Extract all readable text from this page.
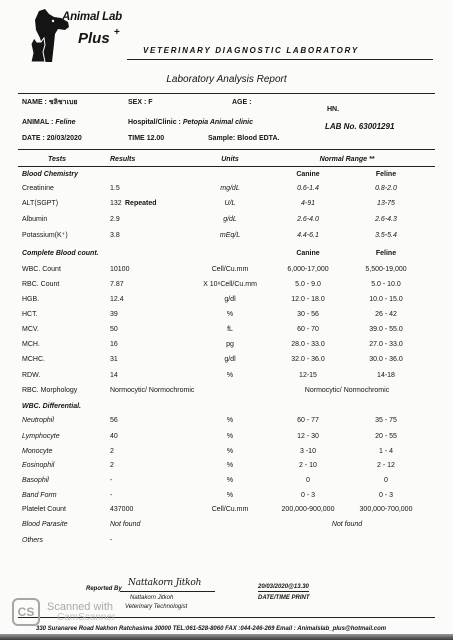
Animal Lab
Plus +
VETERINARY DIAGNOSTIC LABORATORY
Laboratory Analysis Report
NAME : ชลิชาเบย	SEX : F	AGE :
HN.
ANIMAL : Feline	Hospital/Clinic : Petopia Animal clinic	LAB No. 63001291
DATE : 20/03/2020	TIME 12.00	Sample: Blood EDTA.
Tests	Results	Units	Normal Range **
Blood Chemistry	Canine	Feline
Creatinine	1.5	mg/dL	0.6-1.4	0.8-2.0
ALT(SGPT)	132 Repeated	U/L	4-91	13-75
Albumin	2.9	g/dL	2.6-4.0	2.6-4.3
Potassium(K⁺)	3.8	mEq/L	4.4-6.1	3.5-5.4
Complete Blood count.	Canine	Feline
WBC. Count	10100	Cell/Cu.mm	6,000-17,000	5,500-19,000
RBC. Count	7.87	X 10⁶Cell/Cu.mm	5.0 - 9.0	5.0 - 10.0
HGB.	12.4	g/dl	12.0 - 18.0	10.0 - 15.0
HCT.	39	%	30 - 56	26 - 42
MCV.	50	fL	60 - 70	39.0 - 55.0
MCH.	16	pg	28.0 - 33.0	27.0 - 33.0
MCHC.	31	g/dl	32.0 - 36.0	30.0 - 36.0
RDW.	14	%	12-15	14-18
RBC. Morphology	Normocytic/ Normochromic	Normocytic/ Normochromic
WBC. Differential.
Neutrophil	56	%	60 - 77	35 - 75
Lymphocyte	40	%	12 - 30	20 - 55
Monocyte	2	%	3 -10	1 - 4
Eosinophil	2	%	2 - 10	2 - 12
Basophil	-	%	0	0
Band Form	-	%	0 - 3	0 - 3
Platelet Count	437000	Cell/Cu.mm	200,000-900,000	300,000-700,000
Blood Parasite	Not found	Not found
Others	-
Reported By
Nattakorn Jitkoh
Nattakorn Jitkoh
Veterinary Technologist
20/03/2020@13.30
DATE/TIME PRINT
330 Suranaree Road Nakhon Ratchasima 30000 TEL:061-528-8060 FAX :044-246-269 Email : Animalslab_plus@hotmail.com
CS	Scanned with
CamScanner
